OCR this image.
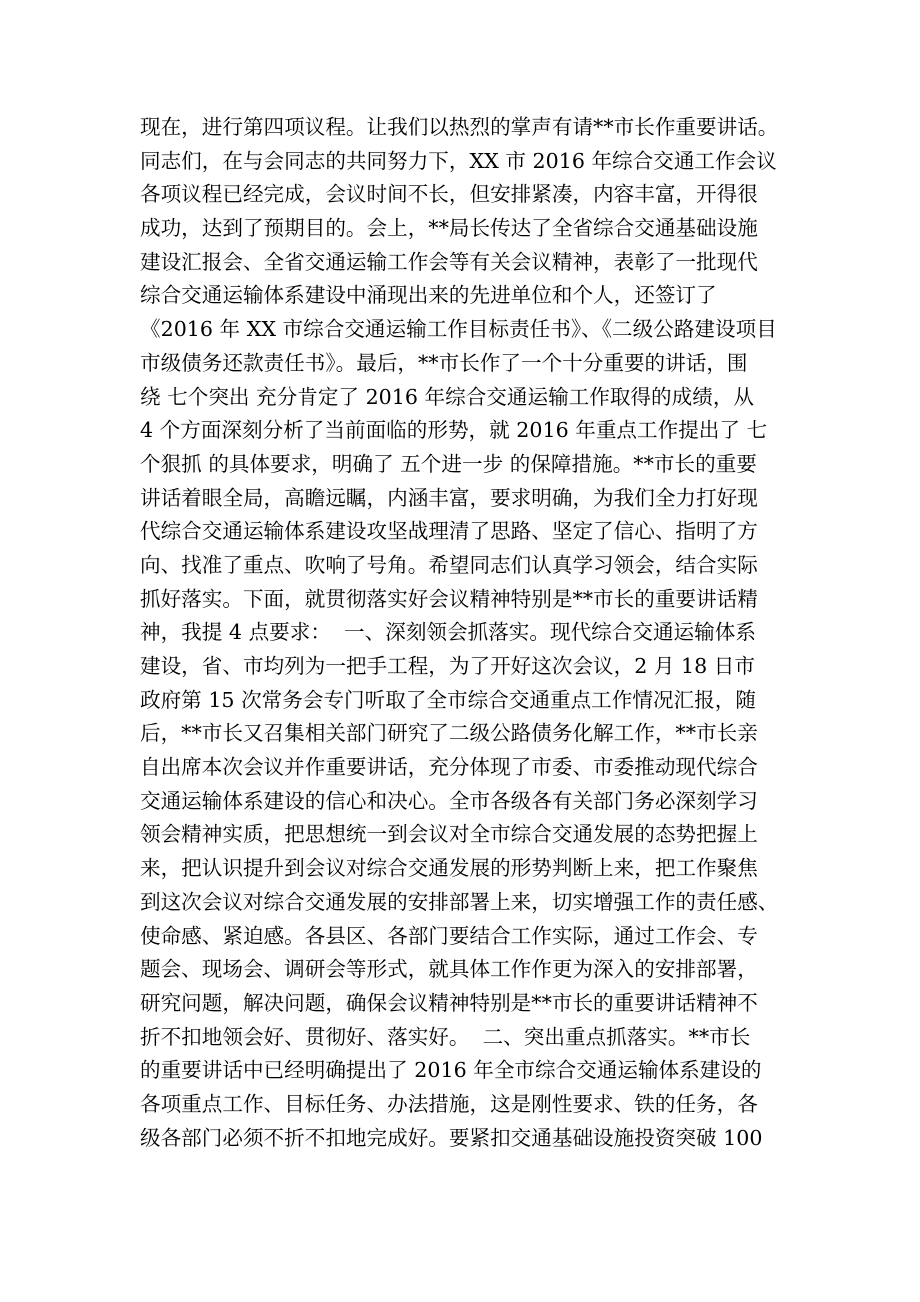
现在，进行第四项议程。让我们以热烈的掌声有请**市长作重要讲话。

同志们，在与会同志的共同努力下，XX 市 2016 年综合交通工作会议

各项议程已经完成，会议时间不长，但安排紧凑，内容丰富，开得很

成功，达到了预期目的。会上，**局长传达了全省综合交通基础设施

建设汇报会、全省交通运输工作会等有关会议精神，表彰了一批现代

综合交通运输体系建设中涌现出来的先进单位和个人，还签订了

《2016 年 XX 市综合交通运输工作目标责任书》、《二级公路建设项目

市级债务还款责任书》。最后，**市长作了一个十分重要的讲话，围

绕 七个突出 充分肯定了 2016 年综合交通运输工作取得的成绩，从

4 个方面深刻分析了当前面临的形势，就 2016 年重点工作提出了 七

个狠抓 的具体要求，明确了 五个进一步 的保障措施。**市长的重要

讲话着眼全局，高瞻远瞩，内涵丰富，要求明确，为我们全力打好现

代综合交通运输体系建设攻坚战理清了思路、坚定了信心、指明了方

向、找准了重点、吹响了号角。希望同志们认真学习领会，结合实际

抓好落实。下面，就贯彻落实好会议精神特别是**市长的重要讲话精

神，我提 4 点要求：  一、深刻领会抓落实。现代综合交通运输体系

建设，省、市均列为一把手工程，为了开好这次会议，2 月 18 日市

政府第 15 次常务会专门听取了全市综合交通重点工作情况汇报，随

后，**市长又召集相关部门研究了二级公路债务化解工作，**市长亲

自出席本次会议并作重要讲话，充分体现了市委、市委推动现代综合

交通运输体系建设的信心和决心。全市各级各有关部门务必深刻学习

领会精神实质，把思想统一到会议对全市综合交通发展的态势把握上

来，把认识提升到会议对综合交通发展的形势判断上来，把工作聚焦

到这次会议对综合交通发展的安排部署上来，切实增强工作的责任感、

使命感、紧迫感。各县区、各部门要结合工作实际，通过工作会、专

题会、现场会、调研会等形式，就具体工作作更为深入的安排部署，

研究问题，解决问题，确保会议精神特别是**市长的重要讲话精神不

折不扣地领会好、贯彻好、落实好。  二、突出重点抓落实。**市长

的重要讲话中已经明确提出了 2016 年全市综合交通运输体系建设的

各项重点工作、目标任务、办法措施，这是刚性要求、铁的任务，各

级各部门必须不折不扣地完成好。要紧扣交通基础设施投资突破 100
